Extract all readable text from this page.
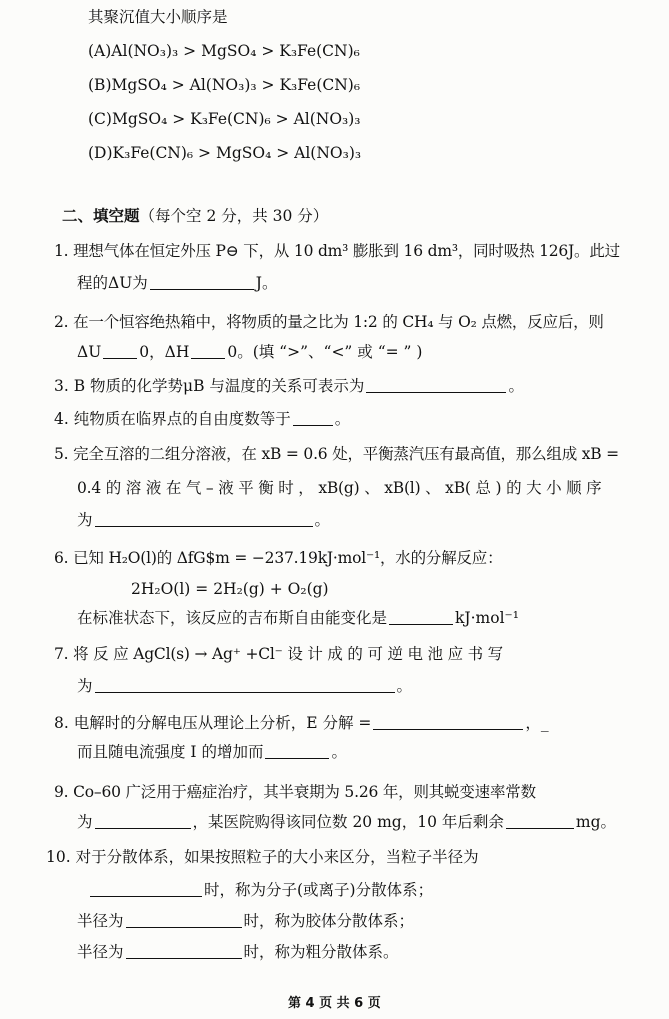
其聚沉值大小顺序是
(A)Al(NO₃)₃ > MgSO₄ > K₃Fe(CN)₆
(B)MgSO₄ > Al(NO₃)₃ > K₃Fe(CN)₆
(C)MgSO₄ > K₃Fe(CN)₆ > Al(NO₃)₃
(D)K₃Fe(CN)₆ > MgSO₄ > Al(NO₃)₃
二、填空题（每个空 2 分，共 30 分）
1. 理想气体在恒定外压 P⊖ 下，从 10 dm³ 膨胀到 16 dm³，同时吸热 126J。此过
程的ΔU为	J。
2. 在一个恒容绝热箱中，将物质的量之比为 1:2 的 CH₄ 与 O₂ 点燃，反应后，则
ΔU 0，ΔH 0。(填 “>”、“<” 或 “= ” )
3. B 物质的化学势μB 与温度的关系可表示为	。
4. 纯物质在临界点的自由度数等于	。
5. 完全互溶的二组分溶液，在 xB = 0.6 处，平衡蒸汽压有最高值，那么组成 xB =
0.4 的 溶 液 在 气 – 液 平 衡 时 ， xB(g) 、 xB(l) 、 xB( 总 ) 的 大 小 顺 序
为	。
6. 已知 H₂O(l)的 ΔfG$m = −237.19kJ·mol⁻¹，水的分解反应：
2H₂O(l) = 2H₂(g) + O₂(g)
在标准状态下，该反应的吉布斯自由能变化是	kJ·mol⁻¹
7. 将 反 应 AgCl(s) → Ag⁺ +Cl⁻ 设 计 成 的 可 逆 电 池 应 书 写
为	。
8. 电解时的分解电压从理论上分析，E 分解 =	，_
而且随电流强度 I 的增加而	。
9. Co–60 广泛用于癌症治疗，其半衰期为 5.26 年，则其蜕变速率常数
为	，某医院购得该同位数 20 mg，10 年后剩余	mg。
10. 对于分散体系，如果按照粒子的大小来区分，当粒子半径为
时，称为分子(或离子)分散体系；
半径为	时，称为胶体分散体系；
半径为	时，称为粗分散体系。
第 4 页 共 6 页
